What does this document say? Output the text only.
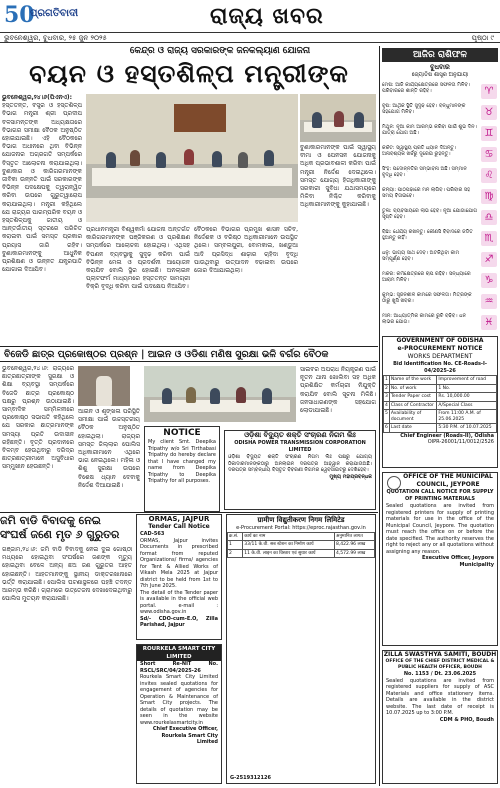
50
ପ୍ରଗତିବାଦୀ	ରାଜ୍ୟ ଖବର
ଭୁବନେଶ୍ୱର, ବୁଧବାର, ୨୫ ଜୁନ ୨୦୨୫	ପୃଷ୍ଠା ୯
କେନ୍ଦ୍ର ଓ ରାଜ୍ୟ ସରକାରଙ୍କ ଜନକଲ୍ୟାଣ ଯୋଜନା
ବୟନ ଓ ହସ୍ତଶିଳ୍ପ ମନ୍ତ୍ରୀଙ୍କ
ଭୁବନେଶ୍ୱର,୨୪।୬(ପିଏନଏ): ହସ୍ତତନ୍ତ, ବସ୍ତ୍ର ଓ ହସ୍ତଶିଳ୍ପ ବିଭାଗ ମନ୍ତ୍ରୀ ଶ୍ରୀ ପ୍ରଦୀପ ବଳସାମନ୍ତଙ୍କ ଅଧ୍ୟକ୍ଷତାରେ ବିଭାଗର ସମୀକ୍ଷା ବୈଠକ ଅନୁଷ୍ଠିତ ହୋଇଯାଇଛି। ଏହି ବୈଠକରେ ବିଭାଗ ଅଧୀନରେ ଥିବା ବିଭିନ୍ନ ଯୋଜନାର ଅଗ୍ରଗତି ସମ୍ପର୍କରେ ବିସ୍ତୃତ ଆଲୋଚନା କରାଯାଇଥିଲା। ବୁଣାକାର ଓ କାରିଗରମାନଙ୍କ ଜୀବିକା ଉନ୍ନତି ପାଇଁ ସରକାରଙ୍କ ବିଭିନ୍ନ ପଦକ୍ଷେପକୁ ତ୍ୱରାନ୍ୱିତ କରିବା ଉପରେ ଗୁରୁତ୍ୱାରୋପ କରାଯାଇଥିଲା। ମନ୍ତ୍ରୀ କହିଥିଲେ ଯେ ରାଜ୍ୟର ପାରମ୍ପରିକ ବୟନ ଓ ହସ୍ତଶିଳ୍ପକୁ ଜାତୀୟ ଓ ଆନ୍ତର୍ଜାତୀୟ ସ୍ତରରେ ପରିଚିତ କରାଇବା ପାଇଁ ସମସ୍ତ ପ୍ରକାର ପ୍ରୟାସ ଜାରି ରହିବ। ବୁଣାକାରମାନଙ୍କୁ ଆଧୁନିକ ପ୍ରଶିକ୍ଷଣ ଓ ଉନ୍ନତ ଯନ୍ତ୍ରପାତି ଯୋଗାଇ ଦିଆଯିବ।
ବୁଣାକାରମାନଙ୍କ ପାଇଁ ସ୍ୱାସ୍ଥ୍ୟ ବୀମା ଓ ପେନସନ ଯୋଜନାକୁ ଅଧିକ ପ୍ରଭାବଶାଳୀ କରିବା ପାଇଁ ମନ୍ତ୍ରୀ ନିର୍ଦ୍ଦେଶ ଦେଇଥିଲେ। ସମସ୍ତ ଯୋଗ୍ୟ ହିତାଧିକାରୀଙ୍କୁ ସରକାରୀ ସୁବିଧା ଯଥାସମୟରେ ମିଳିବା ନିଶ୍ଚିତ କରିବାକୁ ଅଧିକାରୀମାନଙ୍କୁ କୁହାଯାଇଛି।
ପ୍ରଧାନମନ୍ତ୍ରୀ ବିଶ୍ୱକର୍ମା ଯୋଜନା ଅନ୍ତର୍ଗତ କାରିଗରମାନଙ୍କ ପଞ୍ଜିକରଣ ଓ ପ୍ରଶିକ୍ଷଣ ସମ୍ପର୍କରେ ଆଲୋଚନା ହୋଇଥିଲା। ଏଥିସହ ବିପଣନ ବ୍ୟବସ୍ଥାକୁ ସୁଦୃଢ କରିବା ପାଇଁ ବିଭିନ୍ନ ମେଳା ଓ ପ୍ରଦର୍ଶନୀ ଆୟୋଜନ କରାଯିବ ବୋଲି ସ୍ଥିର ହୋଇଛି। ଅନଲାଇନ ପ୍ଲାଟଫର୍ମ ମାଧ୍ୟମରେ ହସ୍ତତନ୍ତ ସାମଗ୍ରୀ ବିକ୍ରି ବୃଦ୍ଧି କରିବା ପାଇଁ ପଦକ୍ଷେପ ନିଆଯିବ।
ବୈଠକରେ ବିଭାଗର ପ୍ରମୁଖ ଶାସନ ସଚିବ, ନିର୍ଦ୍ଦେଶକ ଓ ବରିଷ୍ଠ ଅଧିକାରୀମାନେ ଉପସ୍ଥିତ ଥିଲେ। ସମ୍ବଲପୁରୀ, ବୋମକାଇ, ଖଣ୍ଡୁଆ ଆଦି ପ୍ରସିଦ୍ଧ ଶାଢ଼ୀର ଚାହିଦା ବୃଦ୍ଧି ପାଉଥିବାରୁ ଉତ୍ପାଦନ ବଢାଇବା ଉପରେ ଜୋର ଦିଆଯାଇଥିଲା।
ବିଜେଡି ଛାତ୍ର ପ୍ରକୋଷ୍ଠର ପ୍ରଶ୍ନ | ଆଇନ ଓ ଓଡିଶା ମଣିଷ ସୁରକ୍ଷା ଭଳି ବର୍ଗର ବୈଠକ
ଭୁବନେଶ୍ୱର,୨୪।୬: ରାଜ୍ୟରେ ଛାତ୍ରଛାତ୍ରୀଙ୍କ ସୁରକ୍ଷା ଓ ଶିକ୍ଷା ବ୍ୟବସ୍ଥା ସମ୍ପର୍କରେ ବିଜେଡି ଛାତ୍ର ପ୍ରକୋଷ୍ଠ ପକ୍ଷରୁ ପ୍ରଶ୍ନ ଉଠାଯାଇଛି। ସାମ୍ବାଦିକ ସମ୍ମିଳନୀରେ ପ୍ରକୋଷ୍ଠ ସଭାପତି କହିଥିଲେ ଯେ ସରକାର ଛାତ୍ରମାନଙ୍କ ସମସ୍ୟା ପ୍ରତି ଉଦାସୀନ ରହିଛନ୍ତି। ବୃତ୍ତି ପ୍ରଦାନରେ ବିଳମ୍ବ ହେଉଥିବାରୁ ଦରିଦ୍ର ଛାତ୍ରଛାତ୍ରୀମାନେ ଅସୁବିଧାର ସମ୍ମୁଖୀନ ହେଉଛନ୍ତି।
ଆଇନ ଓ ଶୃଙ୍ଖଳା ପରିସ୍ଥିତି ସମୀକ୍ଷା ପାଇଁ ଉଚ୍ଚସ୍ତରୀୟ ବୈଠକ ଅନୁଷ୍ଠିତ ହୋଇଥିଲା। ରାଜ୍ୟର ସମସ୍ତ ଜିଲ୍ଲାର ପୋଲିସ ଅଧିକାରୀମାନେ ଏଥିରେ ଭାଗ ନେଇଥିଲେ। ମହିଳା ଓ ଶିଶୁ ସୁରକ୍ଷା ଉପରେ ବିଶେଷ ଧ୍ୟାନ ଦେବାକୁ ନିର୍ଦ୍ଦେଶ ଦିଆଯାଇଛି।
ସାଇବର ଅପରାଧ ନିୟନ୍ତ୍ରଣ ପାଇଁ ନୂତନ ଥାନା ଖୋଲିବା ସହ ଅଧିକ ପ୍ରଶିକ୍ଷିତ କର୍ମଚାରୀ ନିଯୁକ୍ତି କରାଯିବ ବୋଲି ସୂଚନା ମିଳିଛି। ଜନସାଧାରଣଙ୍କ ସହଯୋଗ ଲୋଡାଯାଇଛି।
NOTICE
My client Smt. Deepika Tripathy w/o Sri Tirthabasi Tripathy do hereby declare that I have changed my name from Deepika Tripathy to Deepika Tripathy for all purposes.
ଓଡ଼ିଶା ବିଦ୍ୟୁତ ଶକ୍ତି ସଂଚାରଣ ନିଗମ ଲିଃ
ODISHA POWER TRANSMISSION CORPORATION LIMITED
ଓଡ଼ିଶା ବିଦ୍ୟୁତ ଶକ୍ତି ସଂଚାରଣ ନିଗମ ଲିଃ ପକ୍ଷରୁ ଯୋଗ୍ୟ ଠିକାଦାରମାନଙ୍କଠାରୁ ଅନଲାଇନ ଦରପତ୍ର ଆହ୍ୱାନ କରାଯାଉଅଛି। ଦରପତ୍ର ସମ୍ବନ୍ଧୀୟ ବିସ୍ତୃତ ବିବରଣୀ ନିଗମର ୱେବସାଇଟରୁ ଦେଖିହେବ।
ମୁଖ୍ୟ ମହାପ୍ରବନ୍ଧକ
ଜମି ବାଡି ବିବାଦକୁ ନେଇ ସଂଘର୍ଷ ଜଣେ ମୃତ ୬ ଗୁରୁତର
ଗଞ୍ଜାମ,୨୪।୬: ଜମି ବାଡି ବିବାଦକୁ ନେଇ ଦୁଇ ଗୋଷ୍ଠୀ ମଧ୍ୟରେ ହୋଇଥିବା ସଂଘର୍ଷରେ ଜଣଙ୍କ ମୃତ୍ୟୁ ହୋଇଥିବା ବେଳେ ଅନ୍ୟ ଛଅ ଜଣ ଗୁରୁତର ଆହତ ହୋଇଛନ୍ତି। ଆହତମାନଙ୍କୁ ସ୍ଥାନୀୟ ଡାକ୍ତରଖାନାରେ ଭର୍ତ୍ତି କରାଯାଇଛି। ପୋଲିସ ଘଟଣାସ୍ଥଳରେ ପହଞ୍ଚି ତଦନ୍ତ ଆରମ୍ଭ କରିଛି। ଗ୍ରାମରେ ଉତ୍ତେଜନା ଦେଖାଦେଇଥିବାରୁ ପୋଲିସ ମୁତୟନ କରାଯାଇଛି।
ORMAS, JAJPUR
Tender Call Notice
CAD-563
ORMAS, Jajpur invites Documents in prescribed format from reputed Organizations/ firms/ agencies for Tent & Allied Works of Vikash Mela 2025 at Jajpur district to be held from 1st to 7th June 2025.
The detail of the Tender paper is available in the official web portal. e-mail : www.odisha.gov.in
Sd/- CDO-cum-E.O, Zilla Parishad, Jajpur
ROURKELA SMART CITY LIMITED
Short Re-NIT No. RSCL/SRC/04/2025-26
Rourkela Smart City Limited invites sealed quotations for engagement of agencies for Operation & Maintenance of Smart City projects. The details of quotation may be seen in the website www.rourkelasmartcity.in
Chief Executive Officer, Rourkela Smart City Limited
ग्रामीण विद्युतीकरण निगम लिमिटेड
e-Procurement Portal: https://eproc.rajasthan.gov.in
क्र.सं.	कार्य का नाम	अनुमानित लागत
1	33/11 के.वी. सब स्टेशन का निर्माण कार्य	8,422.96 लाख
2	11 के.वी. लाइन का विस्तार एवं सुधार कार्य	4,572.99 लाख
G-2519312126
ଆଜିର ରାଶିଫଳ
ବୁଧବାର
ଜ୍ୟୋତିଷ ଶାସ୍ତ୍ର ଅନୁଯାୟୀ
ମେଷ: ଆଜି କାର୍ଯ୍ୟକ୍ଷେତ୍ରରେ ସଫଳତା ମିଳିବ। ପରିବାରରେ ଶାନ୍ତି ରହିବ।	♈
ବୃଷ: ଆର୍ଥିକ ସ୍ଥିତି ସୁଦୃଢ ହେବ। ବନ୍ଧୁମାନଙ୍କ ସହଯୋଗ ମିଳିବ।	♉
ମିଥୁନ: ନୂଆ କାମ ଆରମ୍ଭ କରିବା ପାଇଁ ଶୁଭ ଦିନ। ଯାତ୍ରା ଯୋଗ ଅଛି।	♊
କର୍କଟ: ସ୍ୱାସ୍ଥ୍ୟ ପ୍ରତି ଧ୍ୟାନ ଦିଅନ୍ତୁ। ଅନାବଶ୍ୟକ ଖର୍ଚ୍ଚରୁ ଦୂରେଇ ରୁହନ୍ତୁ।	♋
ସିଂହ: ପଦୋନ୍ନତିର ସମ୍ଭାବନା ଅଛି। ସମ୍ମାନ ବୃଦ୍ଧି ହେବ।	♌
କନ୍ୟା: ପାଠପଢାରେ ମନ ଲାଗିବ। ପରିବାର ସହ ସମୟ ବିତାଇବେ।	♍
ତୁଳା: ବ୍ୟବସାୟରେ ଲାଭ ହେବ। ନୂଆ ଯୋଗାଯୋଗ ସୃଷ୍ଟି ହେବ।	♎
ବିଛା: ଧୈର୍ଯ୍ୟ ରଖନ୍ତୁ। କୌଣସି ବିବାଦରେ ଜଡିତ ହୁଅନ୍ତୁ ନାହିଁ।	♏
ଧନୁ: ଭାଗ୍ୟ ସାଥ ଦେବ। ଅଟକିଥିବା କାମ ସମ୍ପୂର୍ଣ୍ଣ ହେବ।	♐
ମକର: କର୍ମକ୍ଷେତ୍ରରେ ଚାପ ରହିବ। ସନ୍ଧ୍ୟାରେ ଆରାମ ମିଳିବ।	♑
କୁମ୍ଭ: ସୃଜନଶୀଳ କାମରେ ସଫଳତା। ମିତ୍ରଙ୍କ ଠାରୁ ଖୁସି ଖବର।	♒
ମୀନ: ଆଧ୍ୟାତ୍ମିକ କାମରେ ରୁଚି ବଢିବ। ଧନ ଲାଭର ଯୋଗ।	♓
GOVERNMENT OF ODISHA
e-PROCUREMENT NOTICE
WORKS DEPARTMENT
Bid Identification No. CE-Roads-I-04/2025-26
1	Name of the work	Improvement of road
2	No. of work	1 No.
3	Tender Paper cost	Rs. 10,000.00
4	Class of Contractor	A/Special Class
5	Availability of document	From 11:00 A.M. of 25.06.2025
6	Last date	5:30 P.M. of 10.07.2025
Chief Engineer (Roads-II), Odisha
OIPR-26001/11/0012/2526
OFFICE OF THE MUNICIPAL COUNCIL, JEYPORE
QUOTATION CALL NOTICE FOR SUPPLY OF PRINTING MATERIALS
Sealed quotations are invited from registered printers for supply of printing materials for use in the office of the Municipal Council, Jeypore. The quotation must reach the office on or before the date specified. The authority reserves the right to reject any or all quotations without assigning any reason.
Executive Officer, Jeypore Municipality
ZILLA SWASTHYA SAMITI, BOUDH
OFFICE OF THE CHIEF DISTRICT MEDICAL & PUBLIC HEALTH OFFICER, BOUDH
No. 1153 / Dt. 23.06.2025
Sealed quotations are invited from registered suppliers for supply of ASC Materials and office stationery items. Details are available in the district website. The last date of receipt is 10.07.2025 up to 3:00 P.M.
CDM & PHO, Boudh
